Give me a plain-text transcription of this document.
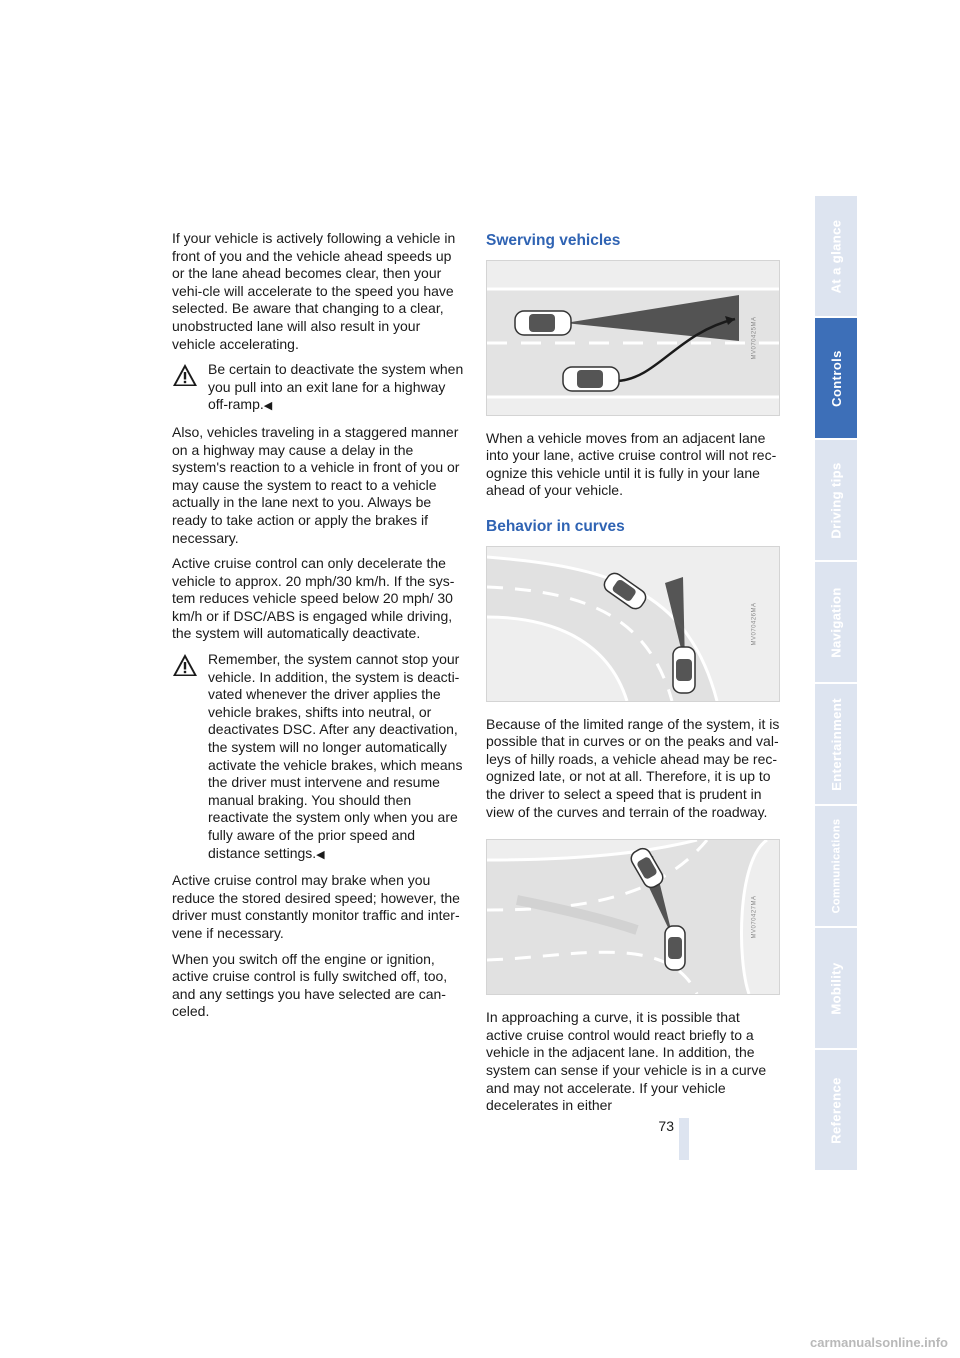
If your vehicle is actively following a vehicle in front of you and the vehicle ahead speeds up or the lane ahead becomes clear, then your vehi-cle will accelerate to the speed you have selected. Be aware that changing to a clear, unobstructed lane will also result in your vehicle accelerating.

Be certain to deactivate the system when you pull into an exit lane for a highway off-ramp.◀

Also, vehicles traveling in a staggered manner on a highway may cause a delay in the system's reaction to a vehicle in front of you or may cause the system to react to a vehicle actually in the lane next to you. Always be ready to take action or apply the brakes if necessary.

Active cruise control can only decelerate the vehicle to approx. 20 mph/30 km/h. If the sys-tem reduces vehicle speed below 20 mph/ 30 km/h or if DSC/ABS is engaged while driving, the system will automatically deactivate.

Remember, the system cannot stop your vehicle. In addition, the system is deacti-vated whenever the driver applies the vehicle brakes, shifts into neutral, or deactivates DSC. After any deactivation, the system will no longer automatically activate the vehicle brakes, which means the driver must intervene and resume manual braking. You should then reactivate the system only when you are fully aware of the prior speed and distance settings.◀

Active cruise control may brake when you reduce the stored desired speed; however, the driver must constantly monitor traffic and inter-vene if necessary.

When you switch off the engine or ignition, active cruise control is fully switched off, too, and any settings you have selected are can-celed.

Swerving vehicles
MV070425MA

When a vehicle moves from an adjacent lane into your lane, active cruise control will not rec-ognize this vehicle until it is fully in your lane ahead of your vehicle.

Behavior in curves
MV070426MA

Because of the limited range of the system, it is possible that in curves or on the peaks and val-leys of hilly roads, a vehicle ahead may be rec-ognized late, or not at all. Therefore, it is up to the driver to select a speed that is prudent in view of the curves and terrain of the roadway.

MV070427MA

In approaching a curve, it is possible that active cruise control would react briefly to a vehicle in the adjacent lane. In addition, the system can sense if your vehicle is in a curve and may not accelerate. If your vehicle decelerates in either

At a glance
Controls
Driving tips
Navigation
Entertainment
Communications
Mobility
Reference
73
carmanualsonline.info
